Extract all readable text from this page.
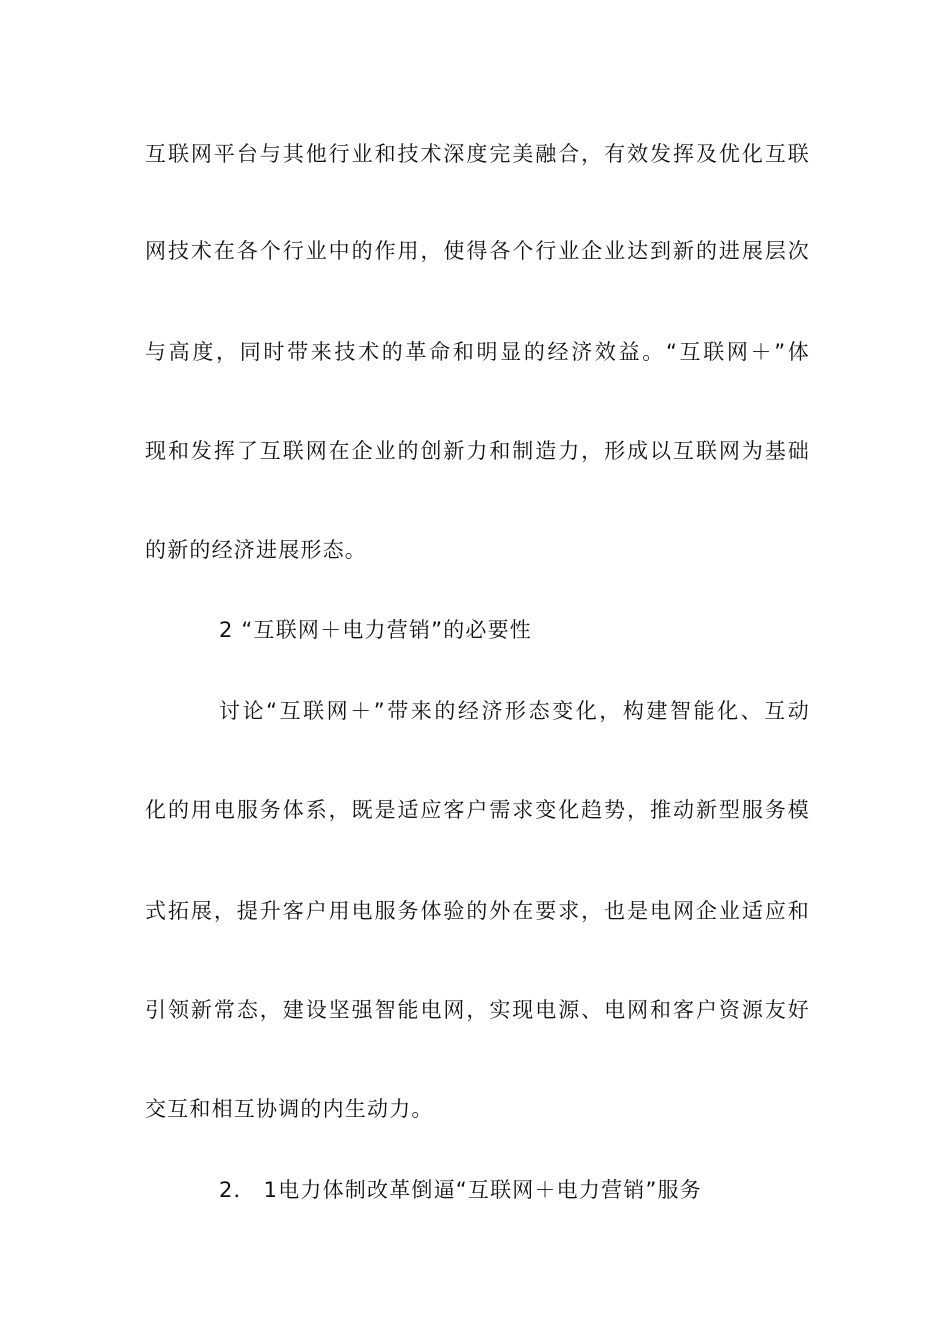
互联网平台与其他行业和技术深度完美融合，有效发挥及优化互联
网技术在各个行业中的作用，使得各个行业企业达到新的进展层次
与高度，同时带来技术的革命和明显的经济效益。“互联网＋”体
现和发挥了互联网在企业的创新力和制造力，形成以互联网为基础
的新的经济进展形态。
2 “互联网＋电力营销”的必要性
讨论“互联网＋”带来的经济形态变化，构建智能化、互动
化的用电服务体系，既是适应客户需求变化趋势，推动新型服务模
式拓展，提升客户用电服务体验的外在要求，也是电网企业适应和
引领新常态，建设坚强智能电网，实现电源、电网和客户资源友好
交互和相互协调的内生动力。
2． 1电力体制改革倒逼“互联网＋电力营销”服务
